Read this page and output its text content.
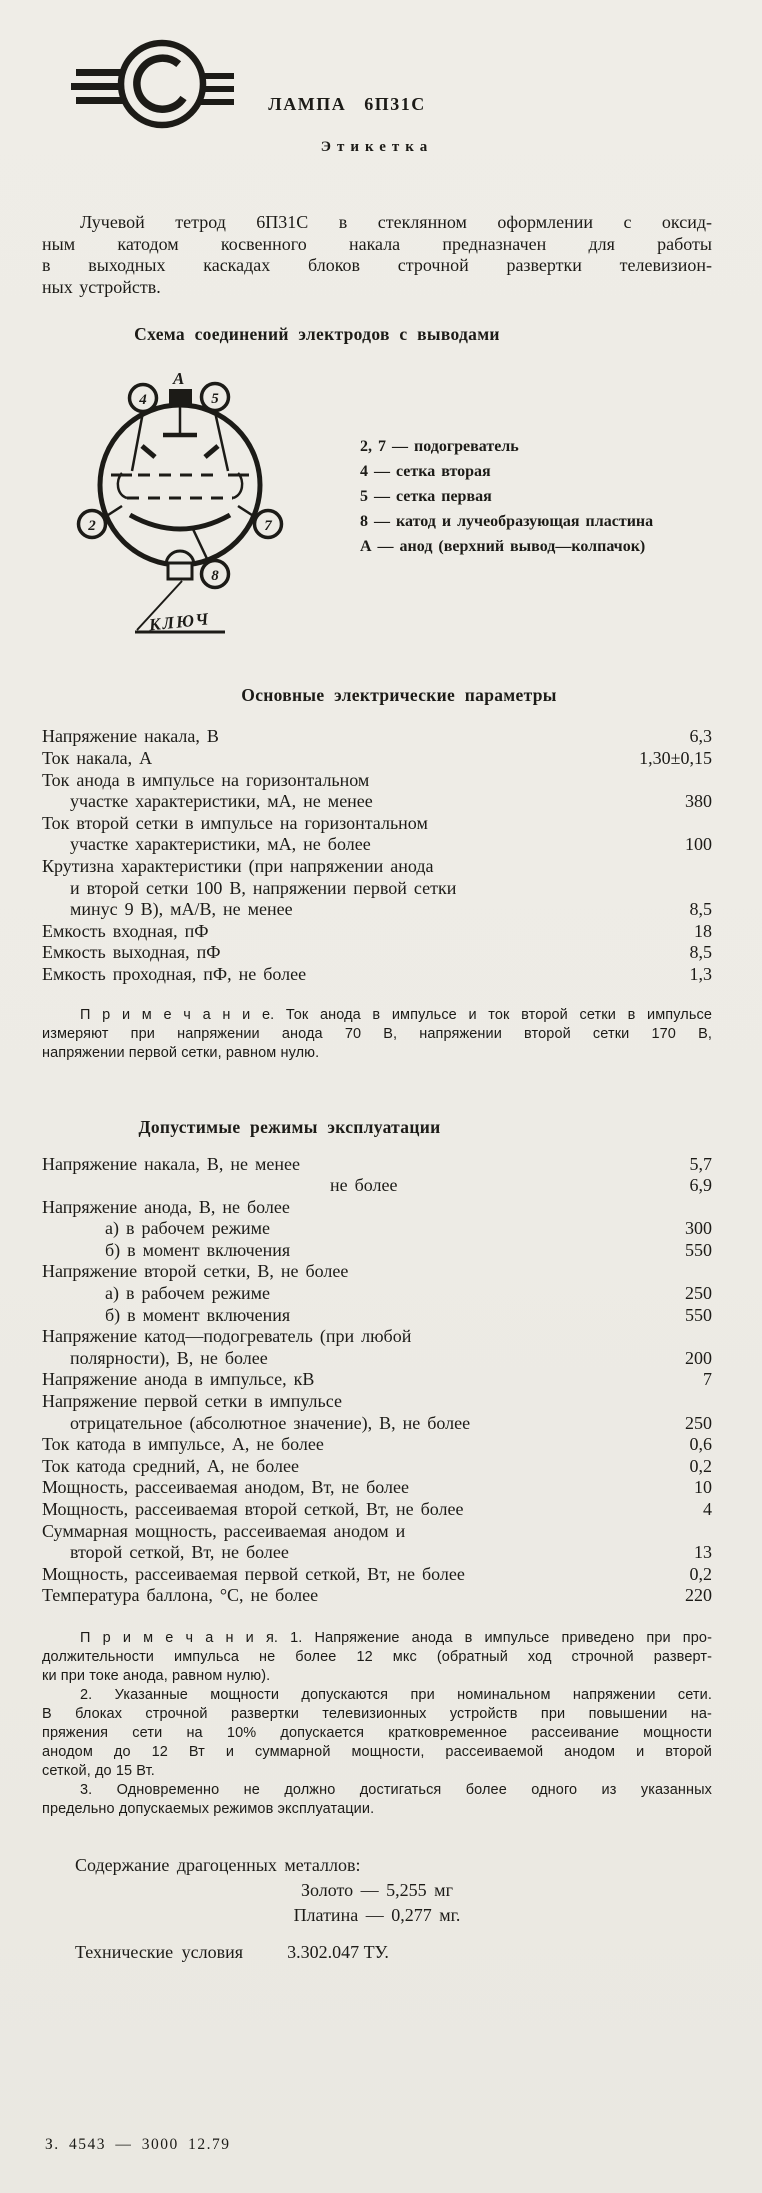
ЛАМПА 6П31С
Этикетка
Лучевой тетрод 6П31С в стеклянном оформлении с оксид-
ным катодом косвенного накала предназначен для работы
в выходных каскадах блоков строчной развертки телевизион-
ных устройств.
Схема соединений электродов с выводами
А
4	5
2	7
8
КЛЮЧ
2, 7 — подогреватель
4 — сетка вторая
5 — сетка первая
8 — катод и лучеобразующая пластина
А — анод (верхний вывод—колпачок)
Основные электрические параметры
Напряжение накала, В	6,3
Ток накала, А	1,30±0,15
Ток анода в импульсе на горизонтальном
участке характеристики, мА, не менее	380
Ток второй сетки в импульсе на горизонтальном
участке характеристики, мА, не более	100
Крутизна характеристики (при напряжении анода
и второй сетки 100 В, напряжении первой сетки
минус 9 В), мА/В, не менее	8,5
Емкость входная, пФ	18
Емкость выходная, пФ	8,5
Емкость проходная, пФ, не более	1,3
П р и м е ч а н и е. Ток анода в импульсе и ток второй сетки в импульсе
измеряют при напряжении анода 70 В, напряжении второй сетки 170 В,
напряжении первой сетки, равном нулю.
Допустимые режимы эксплуатации
Напряжение накала, В, не менее	5,7
не более	6,9
Напряжение анода, В, не более
а) в рабочем режиме	300
б) в момент включения	550
Напряжение второй сетки, В, не более
а) в рабочем режиме	250
б) в момент включения	550
Напряжение катод—подогреватель (при любой
полярности), В, не более	200
Напряжение анода в импульсе, кВ	7
Напряжение первой сетки в импульсе
отрицательное (абсолютное значение), В, не более	250
Ток катода в импульсе, А, не более	0,6
Ток катода средний, А, не более	0,2
Мощность, рассеиваемая анодом, Вт, не более	10
Мощность, рассеиваемая второй сеткой, Вт, не более	4
Суммарная мощность, рассеиваемая анодом и
второй сеткой, Вт, не более	13
Мощность, рассеиваемая первой сеткой, Вт, не более	0,2
Температура баллона, °С, не более	220
П р и м е ч а н и я. 1. Напряжение анода в импульсе приведено при про-
должительности импульса не более 12 мкс (обратный ход строчной разверт-
ки при токе анода, равном нулю).
2. Указанные мощности допускаются при номинальном напряжении сети.
В блоках строчной развертки телевизионных устройств при повышении на-
пряжения сети на 10% допускается кратковременное рассеивание мощности
анодом до 12 Вт и суммарной мощности, рассеиваемой анодом и второй
сеткой, до 15 Вт.
3. Одновременно не должно достигаться более одного из указанных
предельно допускаемых режимов эксплуатации.
Содержание драгоценных металлов:
Золото — 5,255 мг
Платина — 0,277 мг.
Технические условия 3.302.047 ТУ.
З. 4543 — 3000 12.79
